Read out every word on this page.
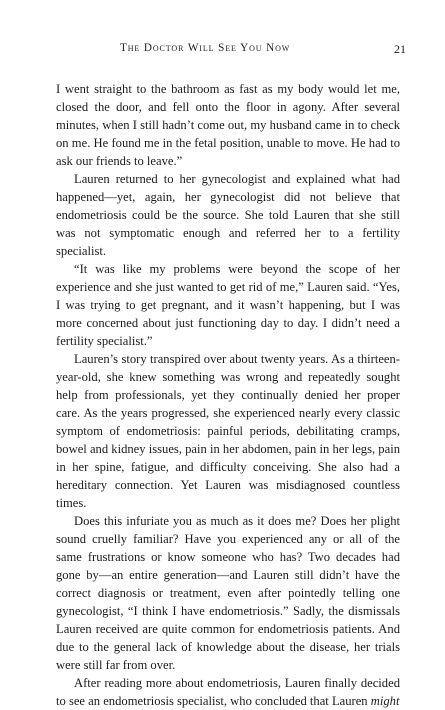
The Doctor Will See You Now	21

I went straight to the bathroom as fast as my body would let me, closed the door, and fell onto the floor in agony. After several minutes, when I still hadn’t come out, my husband came in to check on me. He found me in the fetal position, unable to move. He had to ask our friends to leave.”

Lauren returned to her gynecologist and explained what had happened—yet, again, her gynecologist did not believe that endometriosis could be the source. She told Lauren that she still was not symptomatic enough and referred her to a fertility specialist.

“It was like my problems were beyond the scope of her experience and she just wanted to get rid of me,” Lauren said. “Yes, I was trying to get pregnant, and it wasn’t happening, but I was more concerned about just functioning day to day. I didn’t need a fertility specialist.”

Lauren’s story transpired over about twenty years. As a thirteen-year-old, she knew something was wrong and repeatedly sought help from professionals, yet they continually denied her proper care. As the years progressed, she experienced nearly every classic symptom of endometriosis: painful periods, debilitating cramps, bowel and kidney issues, pain in her abdomen, pain in her legs, pain in her spine, fatigue, and difficulty conceiving. She also had a hereditary connection. Yet Lauren was misdiagnosed countless times.

Does this infuriate you as much as it does me? Does her plight sound cruelly familiar? Have you experienced any or all of the same frustrations or know someone who has? Two decades had gone by—an entire generation—and Lauren still didn’t have the correct diagnosis or treatment, even after pointedly telling one gynecologist, “I think I have endometriosis.” Sadly, the dismissals Lauren received are quite common for endometriosis patients. And due to the general lack of knowledge about the disease, her trials were still far from over.

After reading more about endometriosis, Lauren finally decided to see an endometriosis specialist, who concluded that Lauren might
